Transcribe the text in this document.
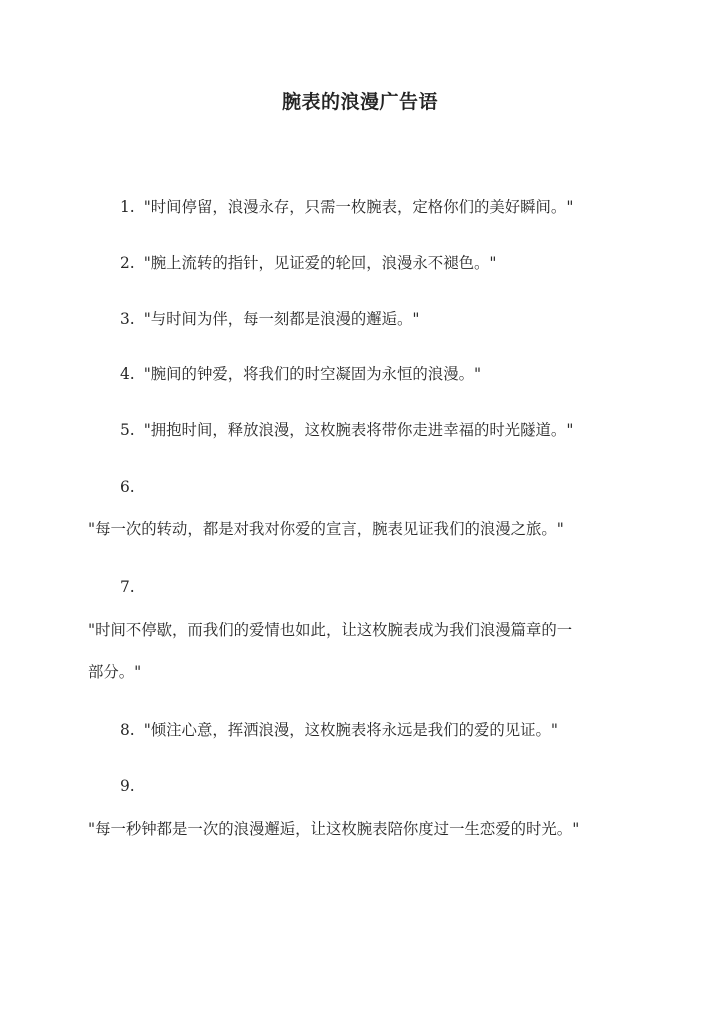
腕表的浪漫广告语
1. "时间停留，浪漫永存，只需一枚腕表，定格你们的美好瞬间。"
2. "腕上流转的指针，见证爱的轮回，浪漫永不褪色。"
3. "与时间为伴，每一刻都是浪漫的邂逅。"
4. "腕间的钟爱，将我们的时空凝固为永恒的浪漫。"
5. "拥抱时间，释放浪漫，这枚腕表将带你走进幸福的时光隧道。"
6.
"每一次的转动，都是对我对你爱的宣言，腕表见证我们的浪漫之旅。"
7.
"时间不停歇，而我们的爱情也如此，让这枚腕表成为我们浪漫篇章的一
部分。"
8. "倾注心意，挥洒浪漫，这枚腕表将永远是我们的爱的见证。"
9.
"每一秒钟都是一次的浪漫邂逅，让这枚腕表陪你度过一生恋爱的时光。"
